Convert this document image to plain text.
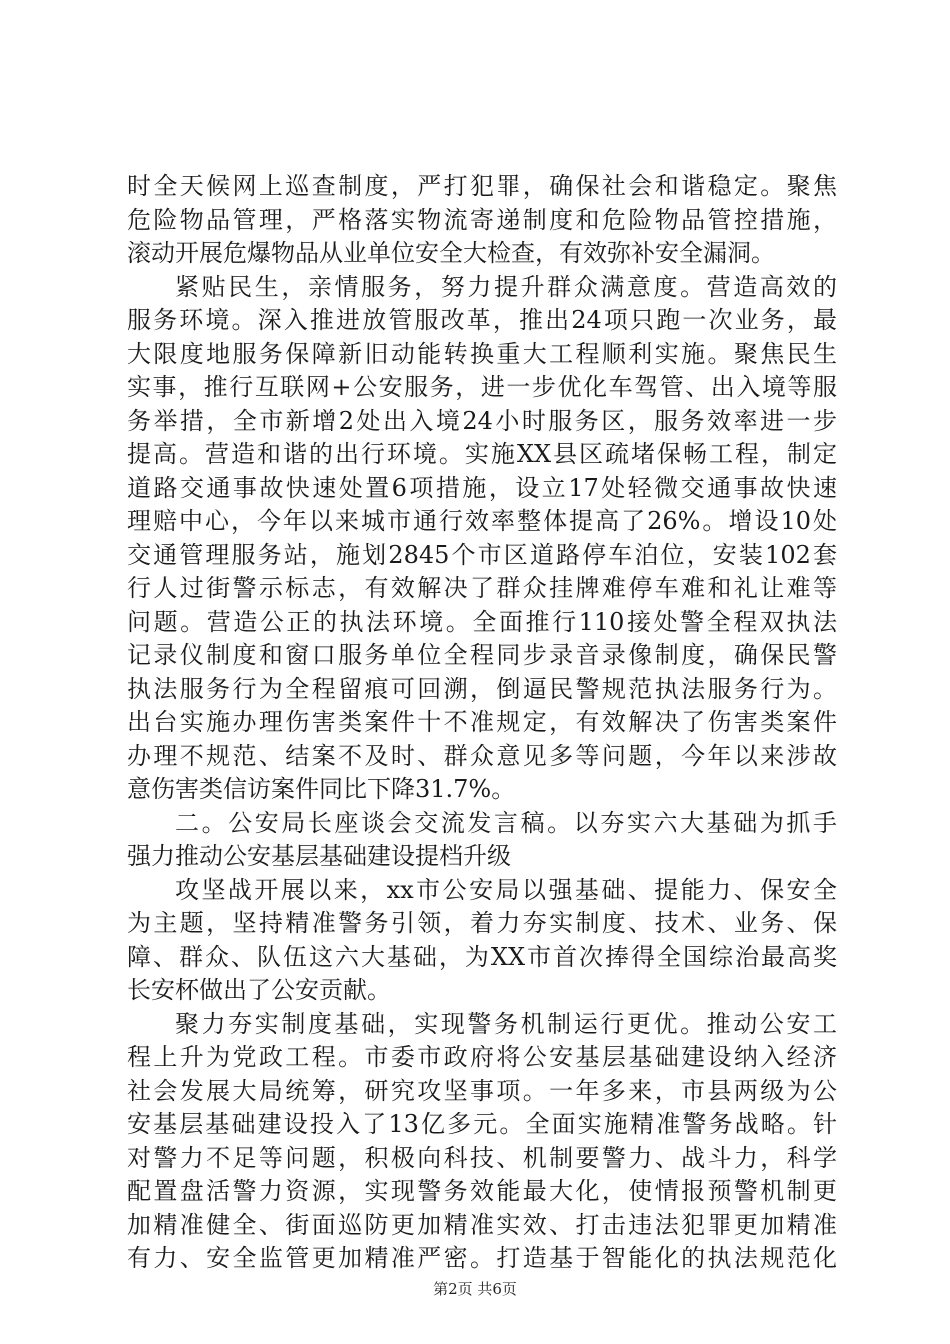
时全天候网上巡查制度，严打犯罪，确保社会和谐稳定。聚焦
危险物品管理，严格落实物流寄递制度和危险物品管控措施，
滚动开展危爆物品从业单位安全大检查，有效弥补安全漏洞。
紧贴民生，亲情服务，努力提升群众满意度。营造高效的
服务环境。深入推进放管服改革，推出24项只跑一次业务，最
大限度地服务保障新旧动能转换重大工程顺利实施。聚焦民生
实事，推行互联网+公安服务，进一步优化车驾管、出入境等服
务举措，全市新增2处出入境24小时服务区，服务效率进一步
提高。营造和谐的出行环境。实施XX县区疏堵保畅工程，制定
道路交通事故快速处置6项措施，设立17处轻微交通事故快速
理赔中心，今年以来城市通行效率整体提高了26%。增设10处
交通管理服务站，施划2845个市区道路停车泊位，安装102套
行人过街警示标志，有效解决了群众挂牌难停车难和礼让难等
问题。营造公正的执法环境。全面推行110接处警全程双执法
记录仪制度和窗口服务单位全程同步录音录像制度，确保民警
执法服务行为全程留痕可回溯，倒逼民警规范执法服务行为。
出台实施办理伤害类案件十不准规定，有效解决了伤害类案件
办理不规范、结案不及时、群众意见多等问题，今年以来涉故
意伤害类信访案件同比下降31.7%。
二。公安局长座谈会交流发言稿。以夯实六大基础为抓手
强力推动公安基层基础建设提档升级
攻坚战开展以来，xx市公安局以强基础、提能力、保安全
为主题，坚持精准警务引领，着力夯实制度、技术、业务、保
障、群众、队伍这六大基础，为XX市首次捧得全国综治最高奖
长安杯做出了公安贡献。
聚力夯实制度基础，实现警务机制运行更优。推动公安工
程上升为党政工程。市委市政府将公安基层基础建设纳入经济
社会发展大局统筹，研究攻坚事项。一年多来，市县两级为公
安基层基础建设投入了13亿多元。全面实施精准警务战略。针
对警力不足等问题，积极向科技、机制要警力、战斗力，科学
配置盘活警力资源，实现警务效能最大化，使情报预警机制更
加精准健全、街面巡防更加精准实效、打击违法犯罪更加精准
有力、安全监管更加精准严密。打造基于智能化的执法规范化
第2页 共6页
